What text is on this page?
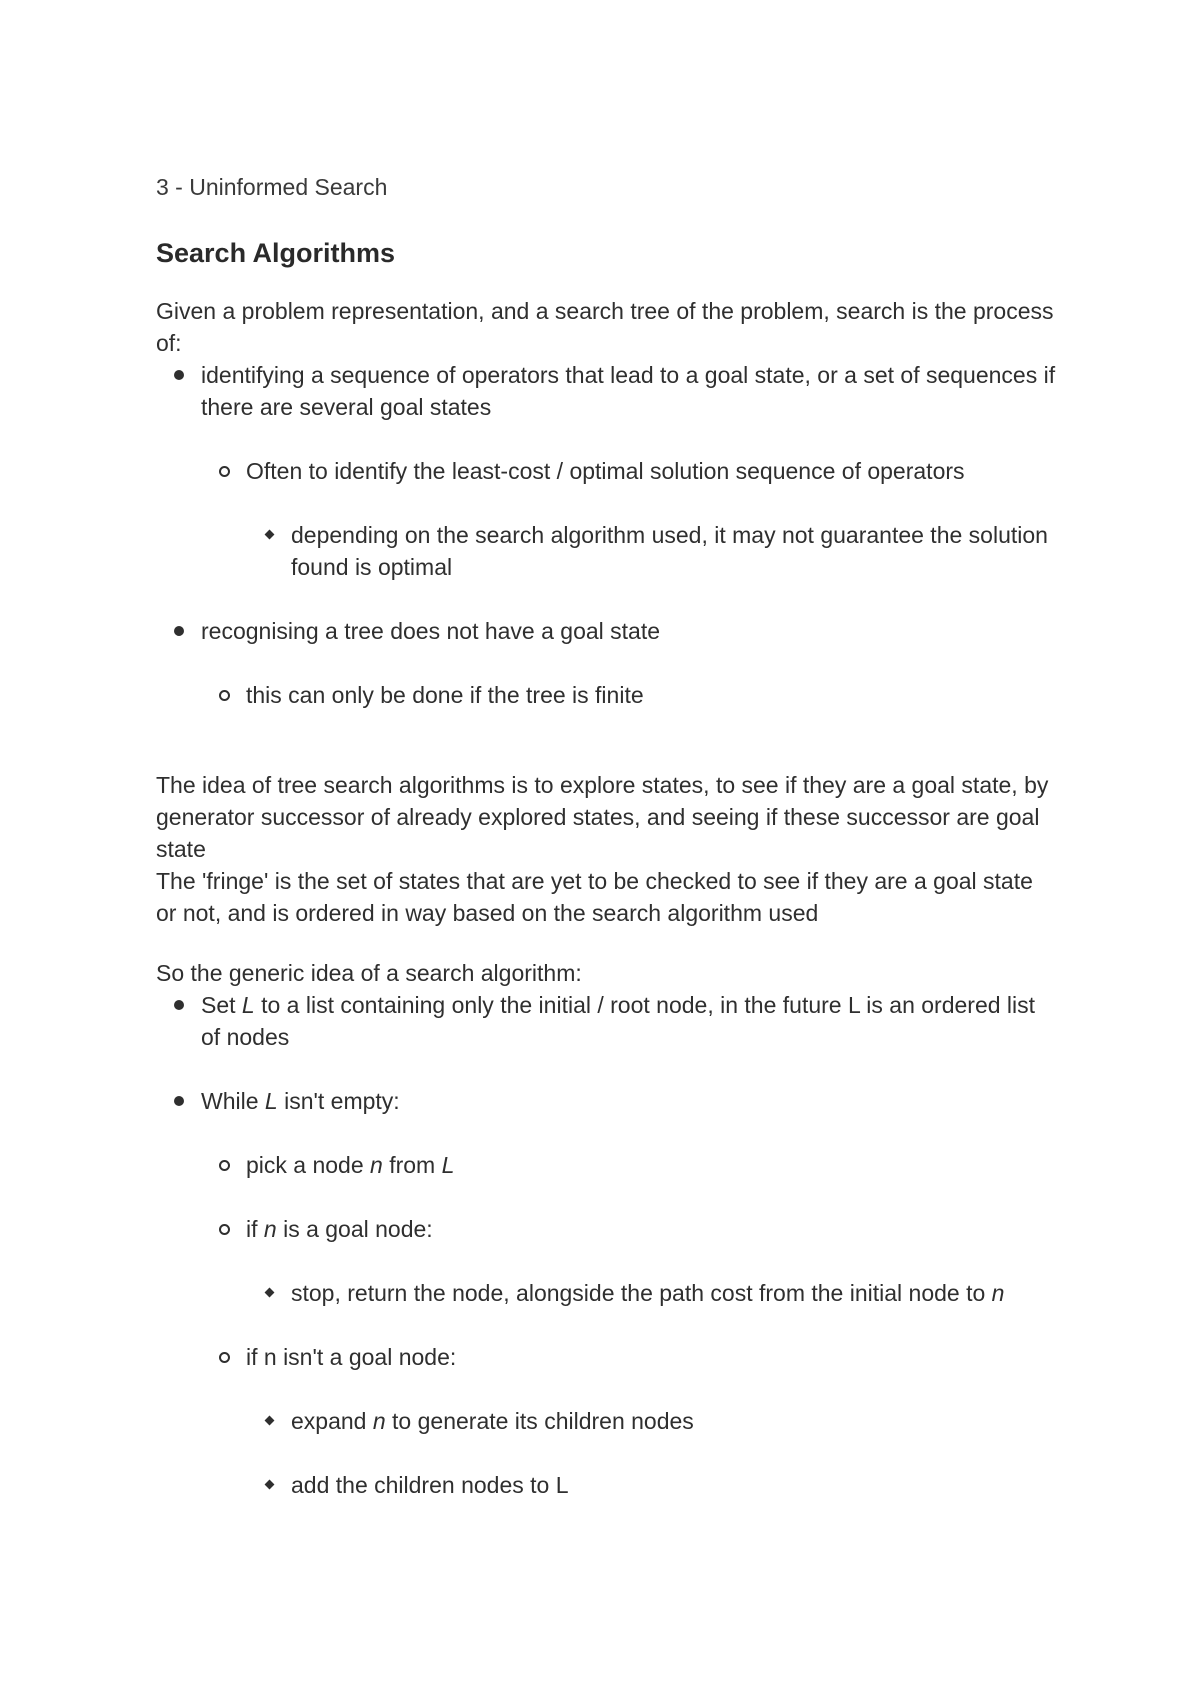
3 - Uninformed Search
Search Algorithms

Given a problem representation, and a search tree of the problem, search is the process of:

identifying a sequence of operators that lead to a goal state, or a set of sequences if there are several goal states
Often to identify the least-cost / optimal solution sequence of operators
depending on the search algorithm used, it may not guarantee the solution found is optimal
recognising a tree does not have a goal state
this can only be done if the tree is finite

The idea of tree search algorithms is to explore states, to see if they are a goal state, by generator successor of already explored states, and seeing if these successor are goal state

The 'fringe' is the set of states that are yet to be checked to see if they are a goal state or not, and is ordered in way based on the search algorithm used

So the generic idea of a search algorithm:

Set L to a list containing only the initial / root node, in the future L is an ordered list of nodes
While L isn't empty:
pick a node n from L
if n is a goal node:
stop, return the node, alongside the path cost from the initial node to n
if n isn't a goal node:
expand n to generate its children nodes
add the children nodes to L
